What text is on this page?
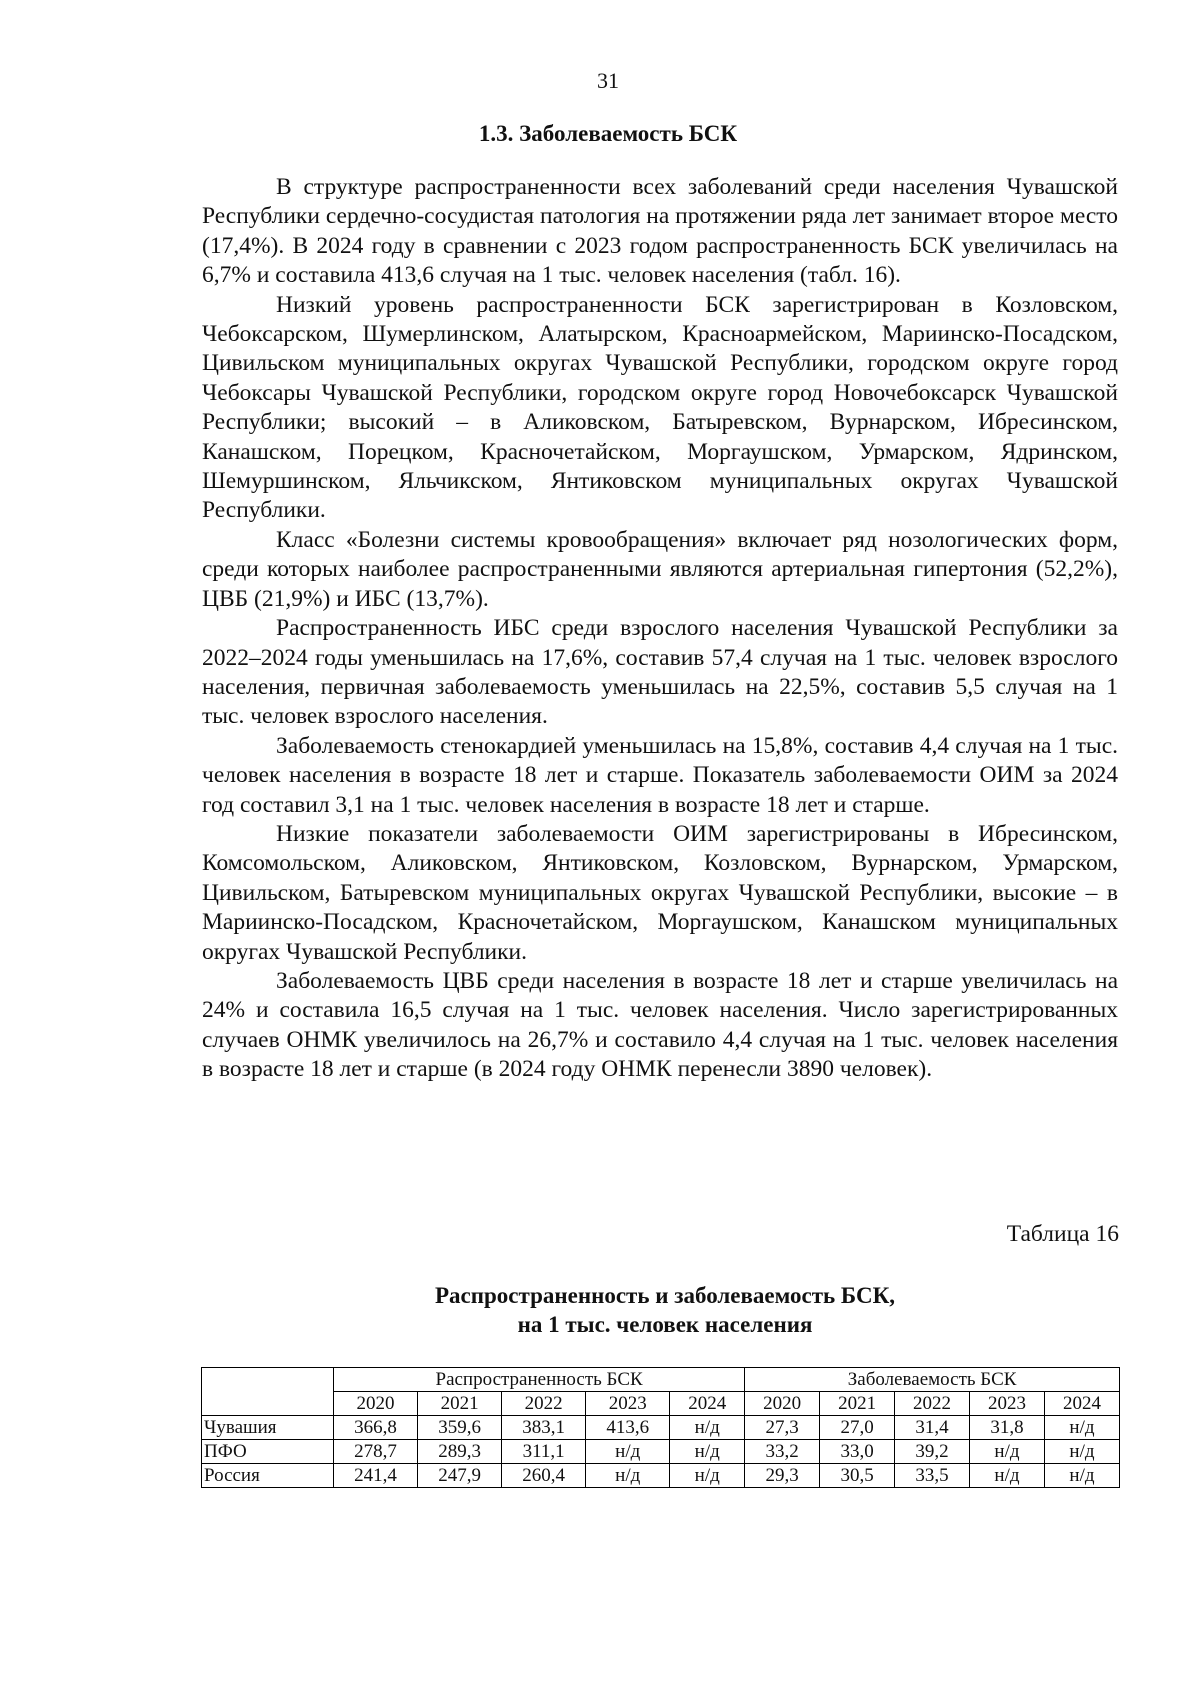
31
1.3. Заболеваемость БСК

В структуре распространенности всех заболеваний среди населения Чувашской Республики сердечно-сосудистая патология на протяжении ряда лет занимает второе место (17,4%). В 2024 году в сравнении с 2023 годом распространенность БСК увеличилась на 6,7% и составила 413,6 случая на 1 тыс. человек населения (табл. 16).

Низкий уровень распространенности БСК зарегистрирован в Козловском, Чебоксарском, Шумерлинском, Алатырском, Красноармейском, Мариинско-Посадском, Цивильском муниципальных округах Чувашской Республики, городском округе город Чебоксары Чувашской Республики, городском округе город Новочебоксарск Чувашской Республики; высокий – в Аликовском, Батыревском, Вурнарском, Ибресинском, Канашском, Порецком, Красночетайском, Моргаушском, Урмарском, Ядринском, Шемуршинском, Яльчикском, Янтиковском муниципальных округах Чувашской Республики.

Класс «Болезни системы кровообращения» включает ряд нозологических форм, среди которых наиболее распространенными являются артериальная гипертония (52,2%), ЦВБ (21,9%) и ИБС (13,7%).

Распространенность ИБС среди взрослого населения Чувашской Республики за 2022–2024 годы уменьшилась на 17,6%, составив 57,4 случая на 1 тыс. человек взрослого населения, первичная заболеваемость уменьшилась на 22,5%, составив 5,5 случая на 1 тыс. человек взрослого населения.

Заболеваемость стенокардией уменьшилась на 15,8%, составив 4,4 случая на 1 тыс. человек населения в возрасте 18 лет и старше. Показатель заболеваемости ОИМ за 2024 год составил 3,1 на 1 тыс. человек населения в возрасте 18 лет и старше.

Низкие показатели заболеваемости ОИМ зарегистрированы в Ибресинском, Комсомольском, Аликовском, Янтиковском, Козловском, Вурнарском, Урмарском, Цивильском, Батыревском муниципальных округах Чувашской Республики, высокие – в Мариинско-Посадском, Красночетайском, Моргаушском, Канашском муниципальных округах Чувашской Республики.

Заболеваемость ЦВБ среди населения в возрасте 18 лет и старше увеличилась на 24% и составила 16,5 случая на 1 тыс. человек населения. Число зарегистрированных случаев ОНМК увеличилось на 26,7% и составило 4,4 случая на 1 тыс. человек населения в возрасте 18 лет и старше (в 2024 году ОНМК перенесли 3890 человек).

Таблица 16
Распространенность и заболеваемость БСК,
на 1 тыс. человек населения
	Распространенность БСК					Заболеваемость БСК				
	2020	2021	2022	2023	2024	2020	2021	2022	2023	2024
Чувашия	366,8	359,6	383,1	413,6	н/д	27,3	27,0	31,4	31,8	н/д
ПФО	278,7	289,3	311,1	н/д	н/д	33,2	33,0	39,2	н/д	н/д
Россия	241,4	247,9	260,4	н/д	н/д	29,3	30,5	33,5	н/д	н/д
